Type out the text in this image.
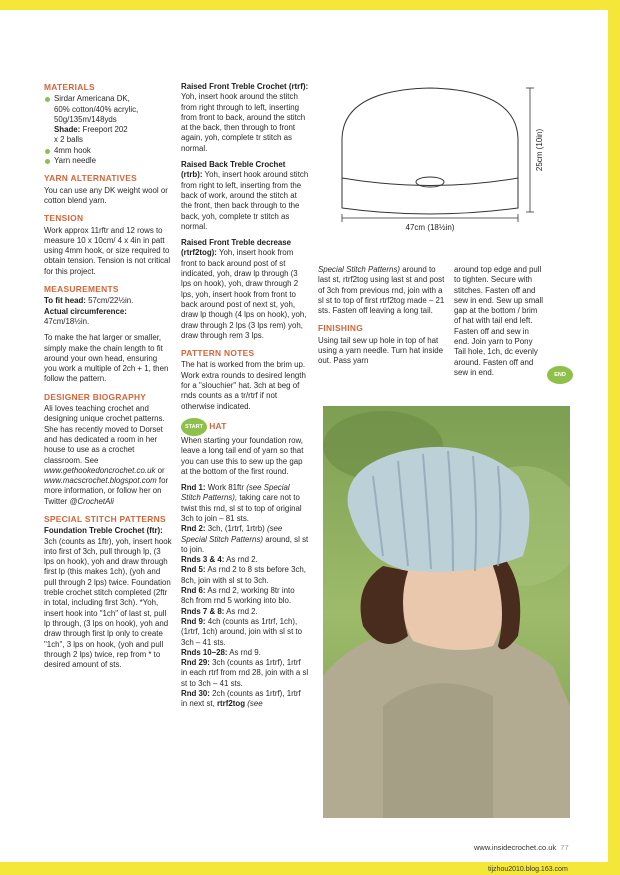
MATERIALS
Sirdar Americana DK,
60% cotton/40% acrylic, 50g/135m/148yds
Shade: Freeport 202
x 2 balls
4mm hook
Yarn needle
YARN ALTERNATIVES

You can use any DK weight wool or cotton blend yarn.

TENSION

Work approx 11rftr and 12 rows to measure 10 x 10cm/ 4 x 4in in patt using 4mm hook, or size required to obtain tension. Tension is not critical for this project.

MEASUREMENTS

To fit head: 57cm/22½in.
Actual circumference:
47cm/18½in.

To make the hat larger or smaller, simply make the chain length to fit around your own head, ensuring you work a multiple of 2ch + 1, then follow the pattern.

DESIGNER BIOGRAPHY

Ali loves teaching crochet and designing unique crochet patterns. She has recently moved to Dorset and has dedicated a room in her house to use as a crochet classroom. See www.gethookedoncrochet.co.uk or www.macscrochet.blogspot.com for more information, or follow her on Twitter @CrochetAli

SPECIAL STITCH PATTERNS

Foundation Treble Crochet (ftr): 3ch (counts as 1ftr), yoh, insert hook into first of 3ch, pull through lp, (3 lps on hook), yoh and draw through first lp (this makes 1ch), (yoh and pull through 2 lps) twice. Foundation treble crochet stitch completed (2ftr in total, including first 3ch). *Yoh, insert hook into "1ch" of last st, pull lp through, (3 lps on hook), yoh and draw through first lp only to create "1ch", 3 lps on hook, (yoh and pull through 2 lps) twice, rep from * to desired amount of sts.

Raised Front Treble Crochet (rtrf): Yoh, insert hook around the stitch from right through to left, inserting from front to back, around the stitch at the back, then through to front again, yoh, complete tr stitch as normal.

Raised Back Treble Crochet (rtrb): Yoh, insert hook around stitch from right to left, inserting from the back of work, around the stitch at the front, then back through to the back, yoh, complete tr stitch as normal.

Raised Front Treble decrease (rtrf2tog): Yoh, insert hook from front to back around post of st indicated, yoh, draw lp through (3 lps on hook), yoh, draw through 2 lps, yoh, insert hook from front to back around post of next st, yoh, draw lp though (4 lps on hook), yoh, draw through 2 lps (3 lps rem) yoh, draw through rem 3 lps.

PATTERN NOTES

The hat is worked from the brim up. Work extra rounds to desired length for a "slouchier" hat. 3ch at beg of rnds counts as a tr/rtrf if not otherwise indicated.

START HAT

When starting your foundation row, leave a long tail end of yarn so that you can use this to sew up the gap at the bottom of the first round.

Rnd 1: Work 81ftr (see Special Stitch Patterns), taking care not to twist this rnd, sl st to top of original 3ch to join – 81 sts.

Rnd 2: 3ch, (1rtrf, 1rtrb) (see Special Stitch Patterns) around, sl st to join.

Rnds 3 & 4: As rnd 2.

Rnd 5: As rnd 2 to 8 sts before 3ch, 8ch, join with sl st to 3ch.

Rnd 6: As rnd 2, working 8tr into 8ch from rnd 5 working into blo.

Rnds 7 & 8: As rnd 2.

Rnd 9: 4ch (counts as 1rtrf, 1ch), (1rtrf, 1ch) around, join with sl st to 3ch – 41 sts.

Rnds 10–28: As rnd 9.

Rnd 29: 3ch (counts as 1rtrf), 1rtrf in each rtrf from rnd 28, join with a sl st to 3ch – 41 sts.

Rnd 30: 2ch (counts as 1rtrf), 1rtrf in next st, rtrf2tog (see

47cm (18½in)
25cm (10in)

Special Stitch Patterns) around to last st, rtrf2tog using last st and post of 3ch from previous rnd, join with a sl st to top of first rtrf2tog made – 21 sts. Fasten off leaving a long tail.

FINISHING

Using tail sew up hole in top of hat using a yarn needle. Turn hat inside out. Pass yarn

around top edge and pull to tighten. Secure with stitches. Fasten off and sew in end. Sew up small gap at the bottom / brim of hat with tail end left. Fasten off and sew in end. Join yarn to Pony Tail hole, 1ch, dc evenly around. Fasten off and sew in end.	END
www.insidecrochet.co.uk 77
tijzhou2010.blog.163.com
